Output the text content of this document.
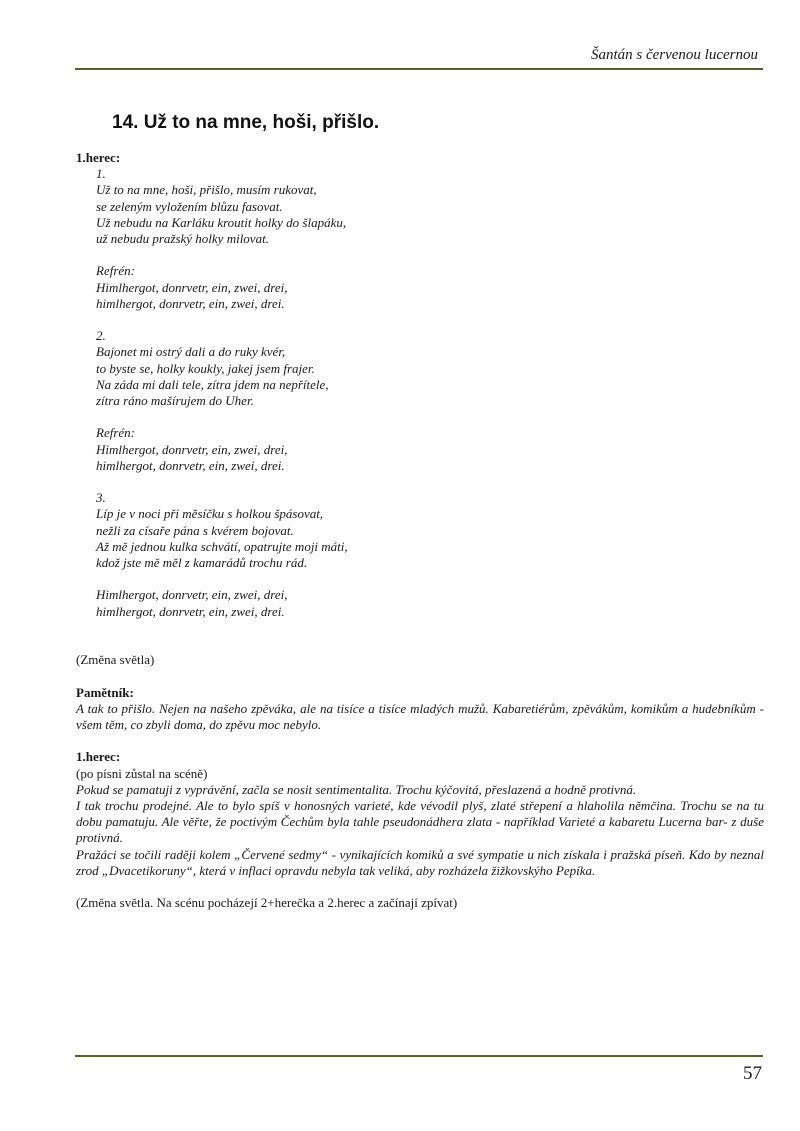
Šantán s červenou lucernou
14. Už to na mne, hoši, přišlo.
1.herec:
1.
Už to na mne, hoši, přišlo, musím rukovat,
se zeleným vyložením blůzu fasovat.
Už nebudu na Karláku kroutit holky do šlapáku,
už nebudu pražský holky milovat.
Refrén:
Himlhergot, donrvetr, ein, zwei, drei,
himlhergot, donrvetr, ein, zwei, drei.
2.
Bajonet mi ostrý dali a do ruky kvér,
to byste se, holky koukly, jakej jsem frajer.
Na záda mi dali tele, zítra jdem na nepřítele,
zítra ráno mašírujem do Uher.
Refrén:
Himlhergot, donrvetr, ein, zwei, drei,
himlhergot, donrvetr, ein, zwei, drei.
3.
Líp je v noci při měsíčku s holkou špásovat,
nežli za císaře pána s kvérem bojovat.
Až mě jednou kulka schvátí, opatrujte moji máti,
kdož jste mě měl z kamarádů trochu rád.
Himlhergot, donrvetr, ein, zwei, drei,
himlhergot, donrvetr, ein, zwei, drei.
(Změna světla)
Pamětník:
A tak to přišlo. Nejen na našeho zpěváka, ale na tisíce a tisíce mladých mužů. Kabaretiérům, zpěvákům, komikům a hudebníkům - všem těm, co zbyli doma, do zpěvu moc nebylo.
1.herec:
(po písni zůstal na scéně)
Pokud se pamatuji z vyprávění, začla se nosit sentimentalita. Trochu kýčovitá, přeslazená a hodně protivná.
I tak trochu prodejné. Ale to bylo spíš v honosných varieté, kde vévodil plyš, zlaté střepení a hlaholila němčina. Trochu se na tu dobu pamatuju. Ale věřte, že poctivým Čechům byla tahle pseudonádhera zlata - například Varieté a kabaretu Lucerna bar- z duše protivná.
Pražáci se točili raději kolem „Červené sedmy“ - vynikajících komiků a své sympatie u nich získala i pražská píseň. Kdo by neznal zrod „Dvacetikoruny“, která v inflaci opravdu nebyla tak veliká, aby rozházela žižkovskýho Pepíka.
(Změna světla. Na scénu pocházejí 2+herečka a 2.herec a začínají zpívat)
57
